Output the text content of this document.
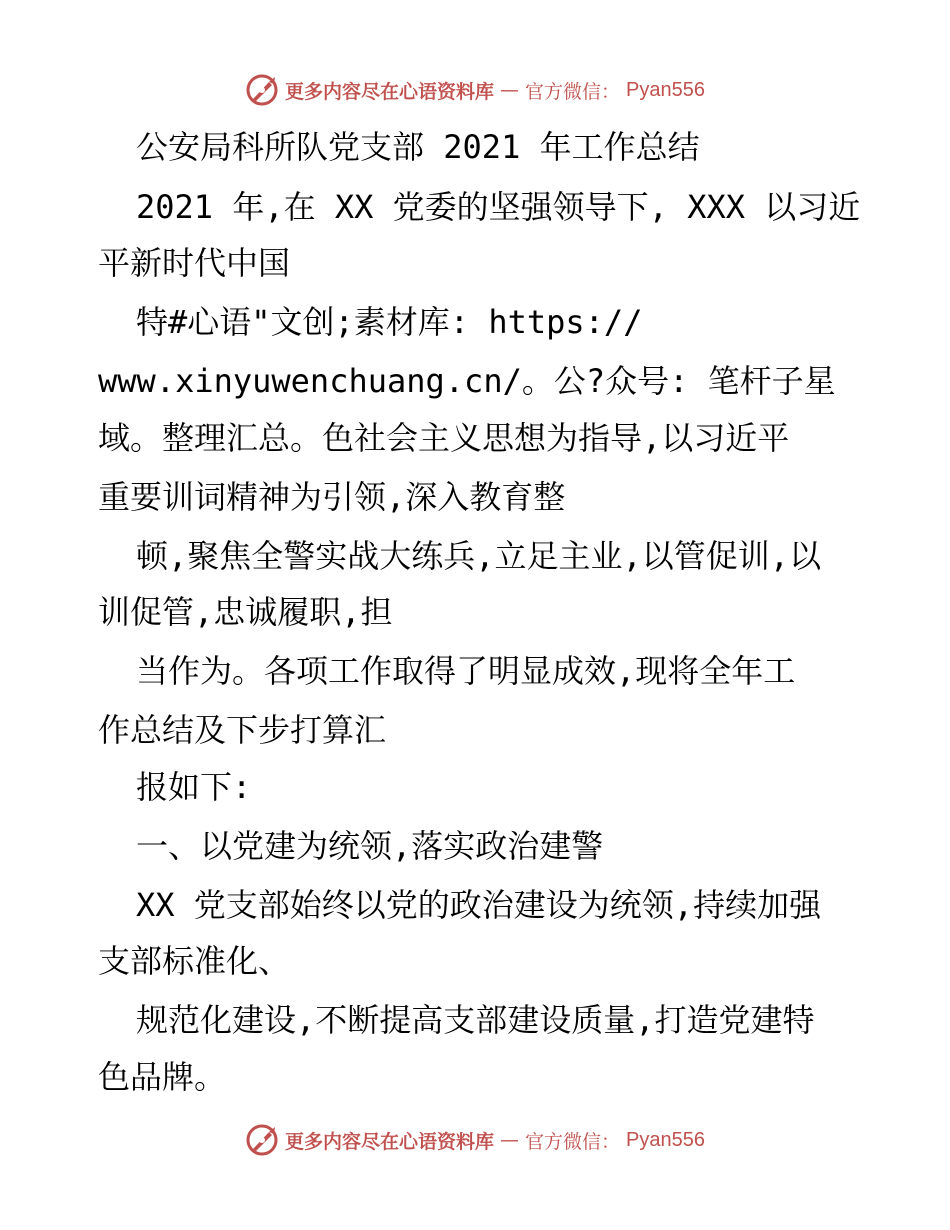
更多内容尽在心语资料库 — 官方微信： Pyan556
公安局科所队党支部 2021 年工作总结
2021 年,在 XX 党委的坚强领导下, XXX 以习近
平新时代中国
特#心语"文创;素材库: https://
www.xinyuwenchuang.cn/。公?众号: 笔杆子星
域。整理汇总。色社会主义思想为指导,以习近平
重要训词精神为引领,深入教育整
顿,聚焦全警实战大练兵,立足主业,以管促训,以
训促管,忠诚履职,担
当作为。各项工作取得了明显成效,现将全年工
作总结及下步打算汇
报如下:
一、以党建为统领,落实政治建警
XX 党支部始终以党的政治建设为统领,持续加强
支部标准化、
规范化建设,不断提高支部建设质量,打造党建特
色品牌。
更多内容尽在心语资料库 — 官方微信： Pyan556
